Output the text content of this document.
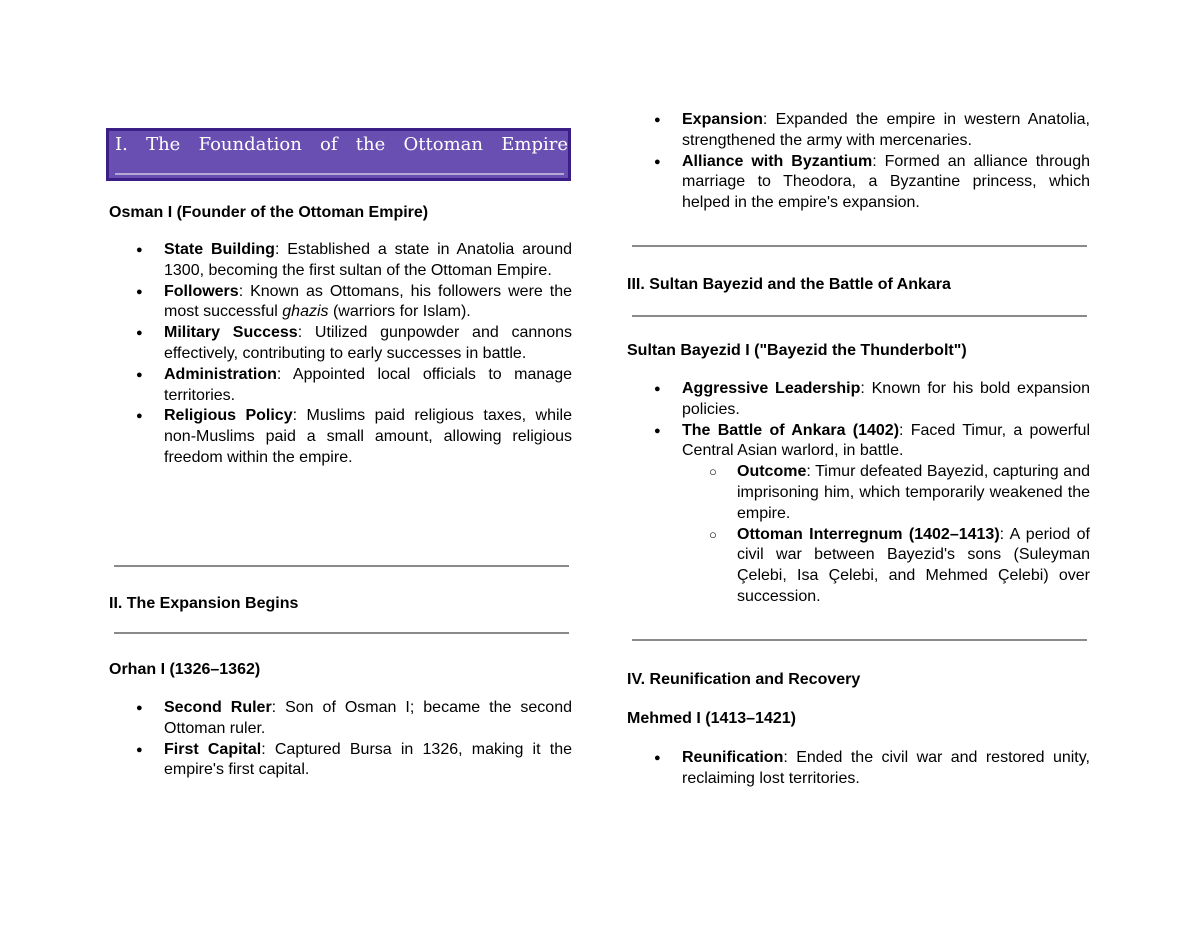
I. The Foundation of the Ottoman Empire
Osman I (Founder of the Ottoman Empire)
● State Building: Established a state in Anatolia around 1300, becoming the first sultan of the Ottoman Empire.
● Followers: Known as Ottomans, his followers were the most successful ghazis (warriors for Islam).
● Military Success: Utilized gunpowder and cannons effectively, contributing to early successes in battle.
● Administration: Appointed local officials to manage territories.
● Religious Policy: Muslims paid religious taxes, while non-Muslims paid a small amount, allowing religious freedom within the empire.
II. The Expansion Begins
Orhan I (1326–1362)
● Second Ruler: Son of Osman I; became the second Ottoman ruler.
● First Capital: Captured Bursa in 1326, making it the empire's first capital.
● Expansion: Expanded the empire in western Anatolia, strengthened the army with mercenaries.
● Alliance with Byzantium: Formed an alliance through marriage to Theodora, a Byzantine princess, which helped in the empire's expansion.
III. Sultan Bayezid and the Battle of Ankara
Sultan Bayezid I ("Bayezid the Thunderbolt")
● Aggressive Leadership: Known for his bold expansion policies.
● The Battle of Ankara (1402): Faced Timur, a powerful Central Asian warlord, in battle.
○ Outcome: Timur defeated Bayezid, capturing and imprisoning him, which temporarily weakened the empire.
○ Ottoman Interregnum (1402–1413): A period of civil war between Bayezid's sons (Suleyman Çelebi, Isa Çelebi, and Mehmed Çelebi) over succession.
IV. Reunification and Recovery
Mehmed I (1413–1421)
● Reunification: Ended the civil war and restored unity, reclaiming lost territories.
